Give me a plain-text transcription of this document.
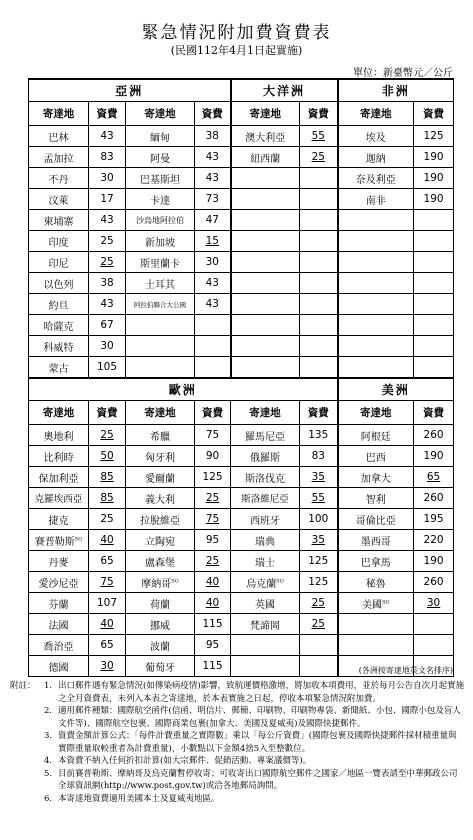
緊急情況附加費資費表
(民國112年4月1日起實施)
單位：新臺幣元／公斤
亞洲				大洋洲		非洲	
寄達地	資費	寄達地	資費	寄達地	資費	寄達地	資費
巴林	43	緬甸	38	澳大利亞	55	埃及	125
孟加拉	83	阿曼	43	紐西蘭	25	迦納	190
不丹	30	巴基斯坦	43			奈及利亞	190
汶萊	17	卡達	73			南非	190
柬埔寨	43	沙烏地阿拉伯	47				
印度	25	新加坡	15				
印尼	25	斯里蘭卡	30				
以色列	38	土耳其	43				
約旦	43	阿拉伯聯合大公國	43				
哈薩克	67						
科威特	30						
蒙古	105						
歐洲						美洲	
寄達地	資費	寄達地	資費	寄達地	資費	寄達地	資費
奧地利	25	希臘	75	羅馬尼亞	135	阿根廷	260
比利時	50	匈牙利	90	俄羅斯	83	巴西	190
保加利亞	85	愛爾蘭	125	斯洛伐克	35	加拿大	65
克羅埃西亞	85	義大利	25	斯洛維尼亞	55	智利	260
捷克	25	拉脫維亞	75	西班牙	100	哥倫比亞	195
賽普勒斯$^{SG}$	40	立陶宛	95	瑞典	35	墨西哥	220
丹麥	65	盧森堡	25	瑞士	125	巴拿馬	190
愛沙尼亞	75	摩納哥$^{SG}$	40	烏克蘭$^{SG}$	125	秘魯	260
芬蘭	107	荷蘭	40	英國	25	美國$^{SG}$	30
法國	40	挪威	115	梵諦岡	25		
喬治亞	65	波蘭	95				
德國	30	葡萄牙	115					(各洲按寄達地英文名排序)
附註： 1. 出口郵件遇有緊急情況(如傳染病疫情)影響，致航運價格激增，將加收本項費用，並於每月公告自次月起實施之全月資費表，未列入本表之寄達地，於本表實施之日起，停收本項緊急情況附加費。
2. 適用郵件種類：國際航空函件(信函、明信片、郵簡、印刷物、印刷物專袋、新聞紙、小包、國際小包及盲人文件等)、國際航空包裹、國際商業包裹(加拿大、美國及夏威夷)及國際快捷郵件。
3. 資費金額計算公式：「每件計費重量之實際數」乘以「每公斤資費」(國際包裹及國際快捷郵件採材積重量與實際重量取較重者為計費重量)，小數點以下金額4捨5入至整數位。
4. 本資費不納入任何折扣計算(如大宗郵件、促銷活動、專案議價等)。
5. 目前賽普勒斯、摩納哥及烏克蘭暫停收寄；可收寄出口國際航空郵件之國家／地區一覽表請至中華郵政公司全球資訊網(http://www.post.gov.tw)或洽各地郵局詢問。
6. 本寄達地資費適用美國本土及夏威夷地區。
